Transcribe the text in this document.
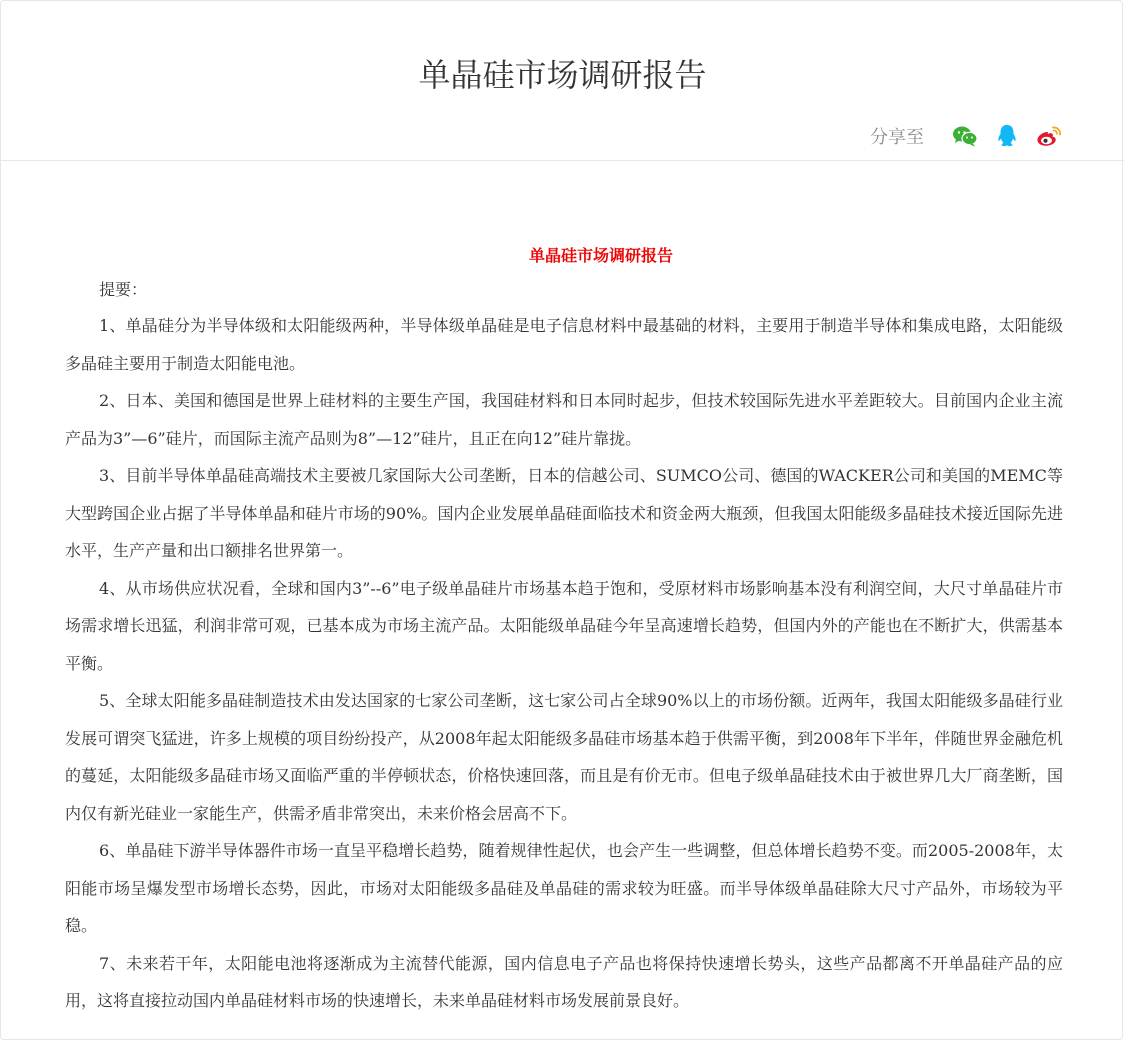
单晶硅市场调研报告
分享至
单晶硅市场调研报告

提要：

1、单晶硅分为半导体级和太阳能级两种，半导体级单晶硅是电子信息材料中最基础的材料，主要用于制造半导体和集成电路，太阳能级多晶硅主要用于制造太阳能电池。

2、日本、美国和德国是世界上硅材料的主要生产国，我国硅材料和日本同时起步，但技术较国际先进水平差距较大。目前国内企业主流产品为3”—6”硅片，而国际主流产品则为8”—12”硅片，且正在向12”硅片靠拢。

3、目前半导体单晶硅高端技术主要被几家国际大公司垄断，日本的信越公司、SUMCO公司、德国的WACKER公司和美国的MEMC等大型跨国企业占据了半导体单晶和硅片市场的90%。国内企业发展单晶硅面临技术和资金两大瓶颈，但我国太阳能级多晶硅技术接近国际先进水平，生产产量和出口额排名世界第一。

4、从市场供应状况看，全球和国内3”--6”电子级单晶硅片市场基本趋于饱和，受原材料市场影响基本没有利润空间，大尺寸单晶硅片市场需求增长迅猛，利润非常可观，已基本成为市场主流产品。太阳能级单晶硅今年呈高速增长趋势，但国内外的产能也在不断扩大，供需基本平衡。

5、全球太阳能多晶硅制造技术由发达国家的七家公司垄断，这七家公司占全球90%以上的市场份额。近两年，我国太阳能级多晶硅行业发展可谓突飞猛进，许多上规模的项目纷纷投产，从2008年起太阳能级多晶硅市场基本趋于供需平衡，到2008年下半年，伴随世界金融危机的蔓延，太阳能级多晶硅市场又面临严重的半停顿状态，价格快速回落，而且是有价无市。但电子级单晶硅技术由于被世界几大厂商垄断，国内仅有新光硅业一家能生产，供需矛盾非常突出，未来价格会居高不下。

6、单晶硅下游半导体器件市场一直呈平稳增长趋势，随着规律性起伏，也会产生一些调整，但总体增长趋势不变。而2005-2008年，太阳能市场呈爆发型市场增长态势，因此，市场对太阳能级多晶硅及单晶硅的需求较为旺盛。而半导体级单晶硅除大尺寸产品外，市场较为平稳。

7、未来若干年，太阳能电池将逐渐成为主流替代能源，国内信息电子产品也将保持快速增长势头，这些产品都离不开单晶硅产品的应用，这将直接拉动国内单晶硅材料市场的快速增长，未来单晶硅材料市场发展前景良好。
